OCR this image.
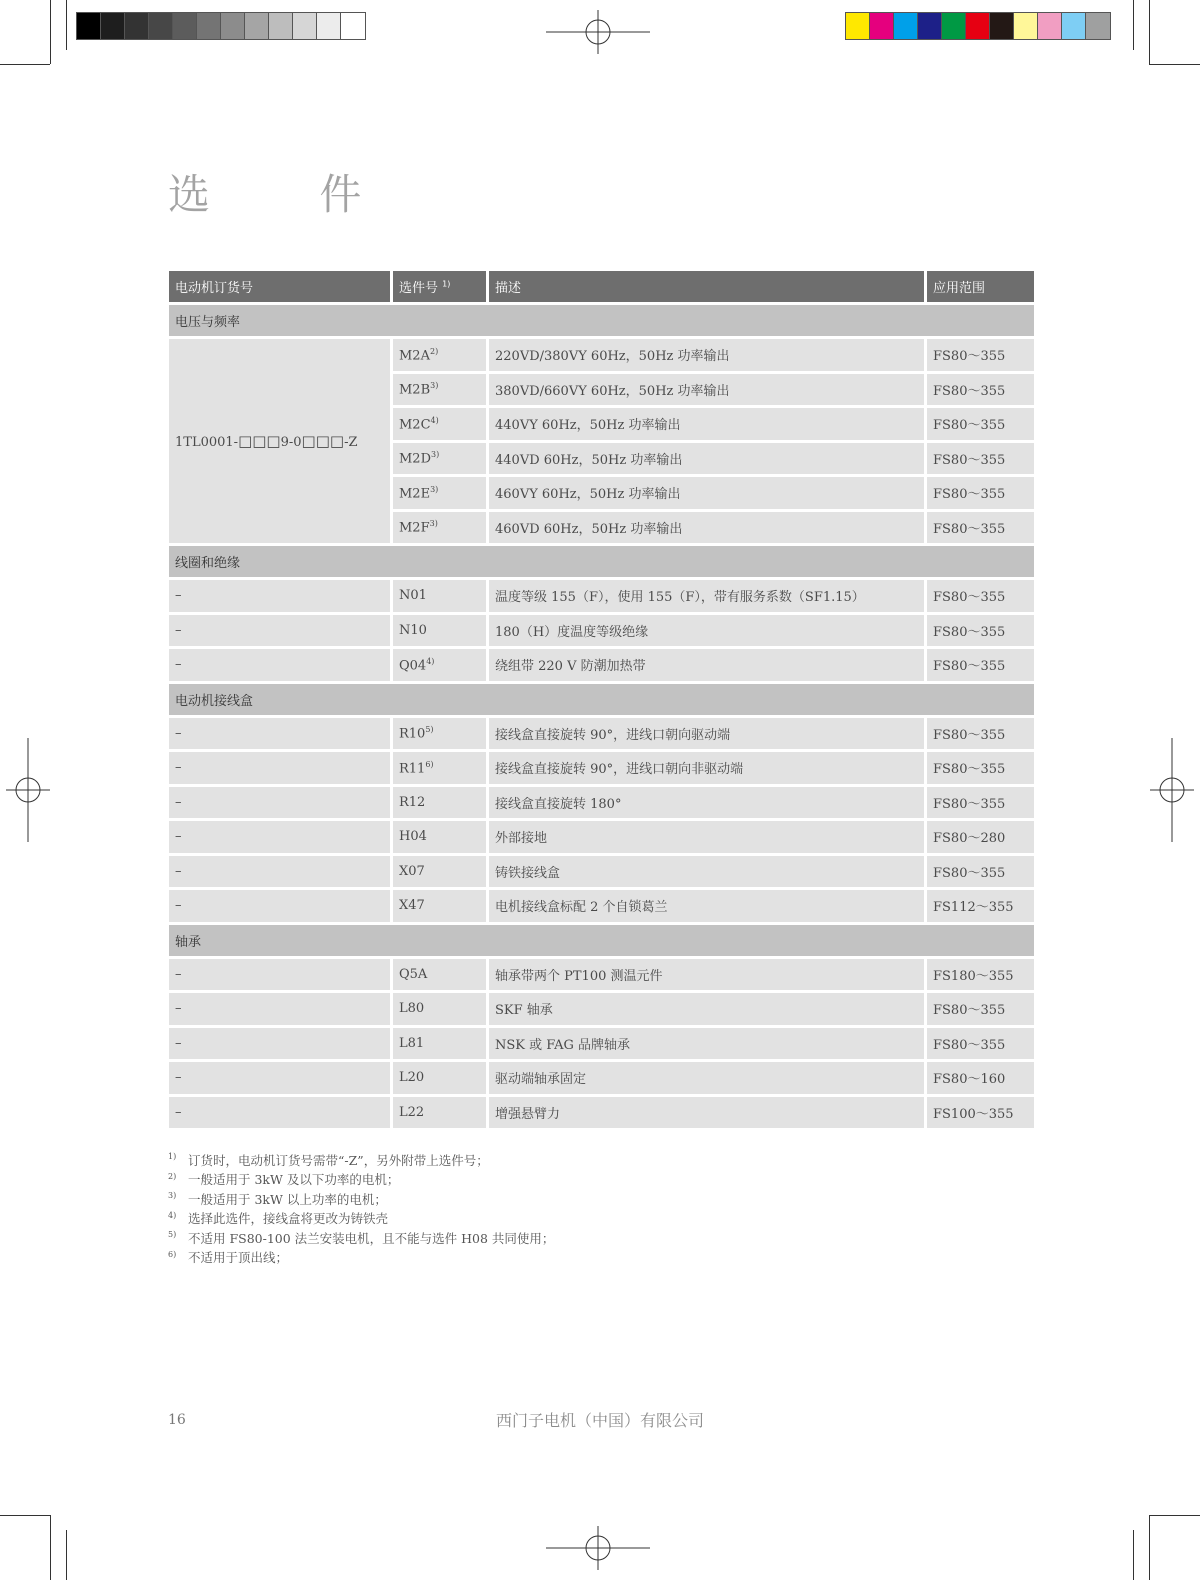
选 件
电动机订货号	选件号 $^{1)}$	描述	应用范围
电压与频率			
1TL0001-□□□9-0□□□-Z	$M2A^{2)}$	220VD/380VY 60Hz，50Hz 功率输出	FS80～355
	$M2B^{3)}$	380VD/660VY 60Hz，50Hz 功率输出	FS80～355
	$M2C^{4)}$	440VY 60Hz，50Hz 功率输出	FS80～355
	$M2D^{3)}$	440VD 60Hz，50Hz 功率输出	FS80～355
	$M2E^{3)}$	460VY 60Hz，50Hz 功率输出	FS80～355
	$M2F^{3)}$	460VD 60Hz，50Hz 功率输出	FS80～355
线圈和绝缘			
–	N01	温度等级 155（F），使用 155（F），带有服务系数（SF1.15）	FS80～355
–	N10	180（H）度温度等级绝缘	FS80～355
–	Q04$^{4)}$	绕组带 220 V 防潮加热带	FS80～355
电动机接线盒			
–	R10$^{5)}$	接线盒直接旋转 90°，进线口朝向驱动端	FS80～355
–	R11$^{6)}$	接线盒直接旋转 90°，进线口朝向非驱动端	FS80～355
–	R12	接线盒直接旋转 180°	FS80～355
–	H04	外部接地	FS80～280
–	X07	铸铁接线盒	FS80～355
–	X47	电机接线盒标配 2 个自锁葛兰	FS112～355
轴承			
–	Q5A	轴承带两个 PT100 测温元件	FS180～355
–	L80	SKF 轴承	FS80～355
–	L81	NSK 或 FAG 品牌轴承	FS80～355
–	L20	驱动端轴承固定	FS80～160
–	L22	增强悬臂力	FS100～355
1) 订货时，电动机订货号需带“-Z”，另外附带上选件号；
2) 一般适用于 3kW 及以下功率的电机；
3) 一般适用于 3kW 以上功率的电机；
4) 选择此选件，接线盒将更改为铸铁壳
5) 不适用 FS80-100 法兰安装电机，且不能与选件 H08 共同使用；
6) 不适用于顶出线；
16	西门子电机（中国）有限公司
